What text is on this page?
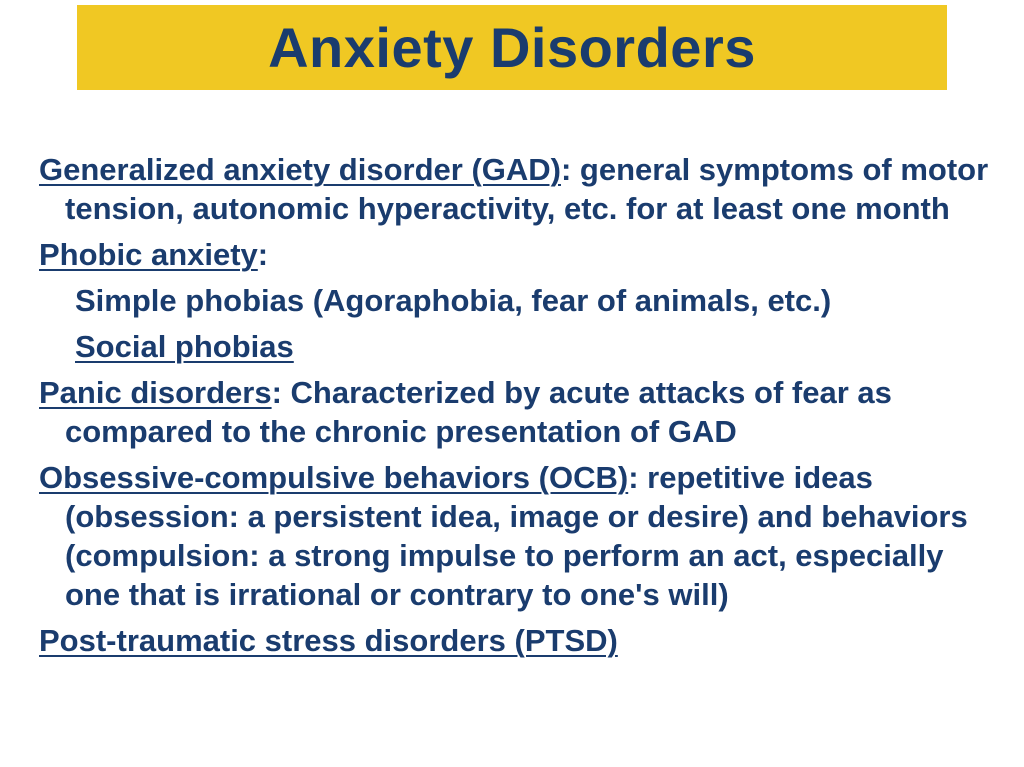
Anxiety Disorders

Generalized anxiety disorder (GAD): general symptoms of motor tension, autonomic hyperactivity, etc. for at least one month

Phobic anxiety:

Simple phobias (Agoraphobia, fear of animals, etc.)

Social phobias

Panic disorders: Characterized by acute attacks of fear as compared to the chronic presentation of GAD

Obsessive-compulsive behaviors (OCB): repetitive ideas (obsession: a persistent idea, image or desire) and behaviors (compulsion: a strong impulse to perform an act, especially one that is irrational or contrary to one's will)

Post-traumatic stress disorders (PTSD)
